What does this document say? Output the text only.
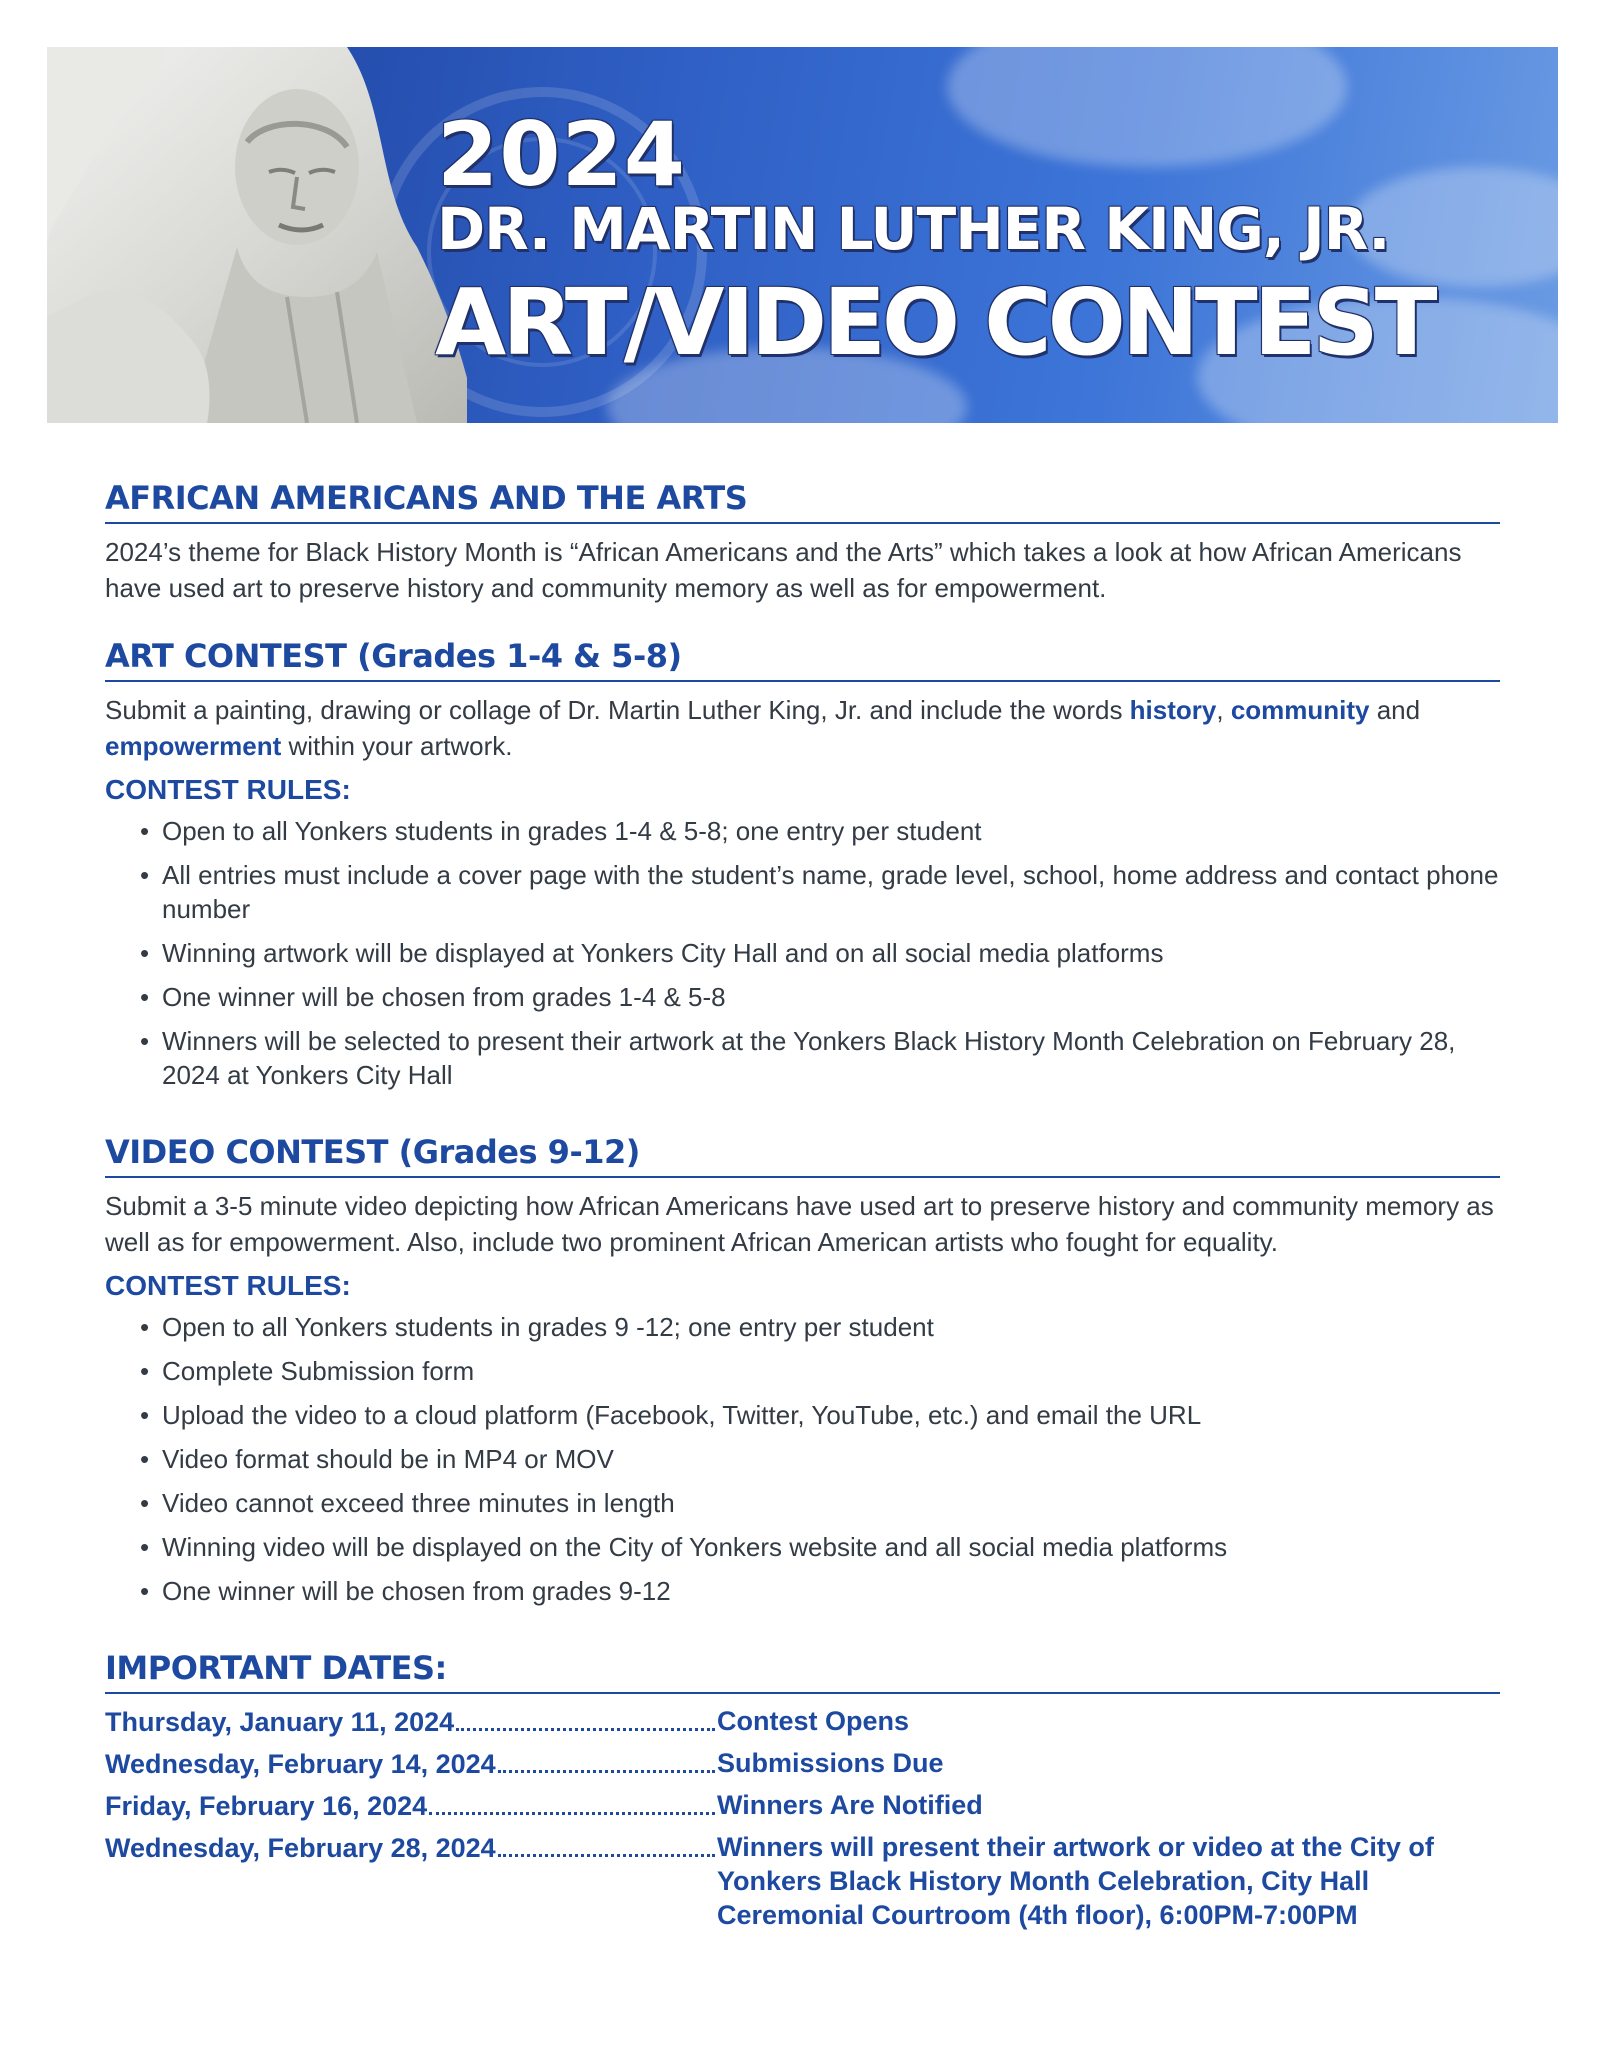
2024
DR. MARTIN LUTHER KING, JR.
ART/VIDEO CONTEST
AFRICAN AMERICANS AND THE ARTS

2024’s theme for Black History Month is “African Americans and the Arts” which takes a look at how African Americans have used art to preserve history and community memory as well as for empowerment.

ART CONTEST (Grades 1-4 & 5-8)

Submit a painting, drawing or collage of Dr. Martin Luther King, Jr. and include the words history, community and empowerment within your artwork.

CONTEST RULES:
• Open to all Yonkers students in grades 1-4 & 5-8; one entry per student
• All entries must include a cover page with the student’s name, grade level, school, home address and contact phone number
• Winning artwork will be displayed at Yonkers City Hall and on all social media platforms
• One winner will be chosen from grades 1-4 & 5-8
• Winners will be selected to present their artwork at the Yonkers Black History Month Celebration on February 28, 2024 at Yonkers City Hall
VIDEO CONTEST (Grades 9-12)

Submit a 3-5 minute video depicting how African Americans have used art to preserve history and community memory as well as for empowerment. Also, include two prominent African American artists who fought for equality.

CONTEST RULES:
• Open to all Yonkers students in grades 9 -12; one entry per student
• Complete Submission form
• Upload the video to a cloud platform (Facebook, Twitter, YouTube, etc.) and email the URL
• Video format should be in MP4 or MOV
• Video cannot exceed three minutes in length
• Winning video will be displayed on the City of Yonkers website and all social media platforms
• One winner will be chosen from grades 9-12
IMPORTANT DATES:
Thursday, January 11, 2024	Contest Opens
Wednesday, February 14, 2024	Submissions Due
Friday, February 16, 2024	Winners Are Notified
Wednesday, February 28, 2024	Winners will present their artwork or video at the City of Yonkers Black History Month Celebration, City Hall Ceremonial Courtroom (4th floor), 6:00PM-7:00PM
